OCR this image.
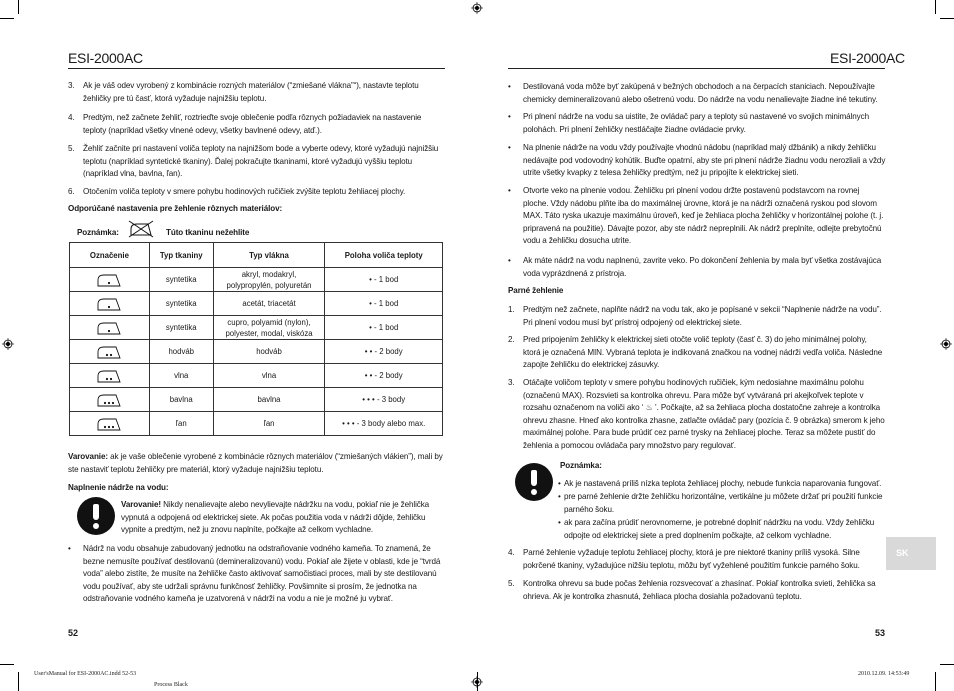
ESI-2000AC
3. Ak je váš odev vyrobený z kombinácie rozných materiálov (“zmiešané vlákna”“), nastavte teplotu žehličky pre tú časť, ktorá vyžaduje najnižšiu teplotu.
4. Predtým, než začnete žehliť, roztrieďte svoje oblečenie podľa rôznych požiadaviek na nastavenie teploty (napríklad všetky vlnené odevy, všetky bavlnené odevy, atď.).
5. Žehliť začnite pri nastavení voliča teploty na najnižšom bode a vyberte odevy, ktoré vyžadujú najnižšiu teplotu (napríklad syntetické tkaniny). Ďalej pokračujte tkaninami, ktoré vyžadujú vyššiu teplotu (napríklad vlna, bavlna, ľan).
6. Otočením voliča teploty v smere pohybu hodinových ručičiek zvýšite teplotu žehliacej plochy.
Odporúčané nastavenia pre žehlenie rôznych materiálov:
Poznámka:	Túto tkaninu nežehlite
Označenie	Typ tkaniny	Typ vlákna	Poloha voliča teploty
	syntetika	akryl, modakryl, polypropylén, polyuretán	• - 1 bod
	syntetika	acetát, triacetát	• - 1 bod
	syntetika	cupro, polyamid (nylon), polyester, modal, viskóza	• - 1 bod
	hodváb	hodváb	• • - 2 body
	vlna	vlna	• • - 2 body
	bavlna	bavlna	• • • - 3 body
	ľan	ľan	• • • - 3 body alebo max.
Varovanie: ak je vaše oblečenie vyrobené z kombinácie rôznych materiálov (“zmiešaných vlákien”), mali by ste nastaviť teplotu žehličky pre materiál, ktorý vyžaduje najnižšiu teplotu.
Naplnenie nádržе na vodu:
Varovanie! Nikdy nenalievajte alebo nevylievajte nádržku na vodu, pokiaľ nie je žehlička vypnutá a odpojená od elektrickej siete. Ak počas použitia voda v nádrži dôjde, žehličku vypnite a predtým, než ju znovu naplníte, počkajte až celkom vychladne.
• Nádrž na vodu obsahuje zabudovaný jednotku na odstraňovanie vodného kameňa. To znamená, že bezne nemusíte používať destilovanú (demineralizovanú) vodu. Pokiaľ ale žijete v oblasti, kde je “tvrdá voda” alebo zistíte, že musíte na žehličke často aktivovať samočistiaci proces, mali by ste destilovanú vodu používať, aby ste udržali správnu funkčnosť žehličky. Povšimnite si prosím, že jednotka na odstraňovanie vodného kameňa je uzatvorená v nádrži na vodu a nie je možné ju vybrať.
52
ESI-2000AC
• Destilovaná voda môže byť zakúpená v bežných obchodoch a na čerpacích staniciach. Nepoužívajte chemicky demineralizovanú alebo ošetrenú vodu. Do nádrže na vodu nenalievajte žiadne iné tekutiny.
• Pri plnení nádrže na vodu sa uistite, že ovládač pary a teploty sú nastavené vo svojich minimálnych polohách. Pri plnení žehličky nestláčajte žiadne ovládacie prvky.
• Na plnenie nádrže na vodu vždy používajte vhodnú nádobu (napríklad malý džbánik) a nikdy žehličku nedávajte pod vodovodný kohútik. Buďte opatrní, aby ste pri plnení nádrže žiadnu vodu nerozliali a vždy utrite všetky kvapky z telesa žehličky predtým, než ju pripojíte k elektrickej sieti.
• Otvorte veko na plnenie vodou. Žehličku pri plnení vodou držte postavenú podstavcom na rovnej ploche. Vždy nádobu plňte iba do maximálnej úrovne, ktorá je na nádrži označená ryskou pod slovom MAX. Táto ryska ukazuje maximálnu úroveň, keď je žehliaca plocha žehličky v horizontálnej polohe (t. j. pripravená na použitie). Dávajte pozor, aby ste nádrž nepreplnili. Ak nádrž preplníte, odlejte prebytočnú vodu a žehličku dosucha utrite.
• Ak máte nádrž na vodu naplnenú, zavrite veko. Po dokončení žehlenia by mala byť všetka zostávajúca voda vyprázdnená z prístroja.
Parné žehlenie
1. Predtým než začnete, naplňte nádrž na vodu tak, ako je popísané v sekcii “Naplnenie nádrže na vodu”. Pri plnení vodou musí byť prístroj odpojený od elektrickej siete.
2. Pred pripojením žehličky k elektrickej sieti otočte volič teploty (časť č. 3) do jeho minimálnej polohy, ktorá je označená MIN. Vybraná teplota je indikovaná značkou na vodnej nádrži vedľa voliča. Následne zapojte žehličku do elektrickej zásuvky.
3. Otáčajte voličom teploty v smere pohybu hodinových ručičiek, kým nedosiahne maximálnu polohu (označenú MAX). Rozsvieti sa kontrolka ohrevu. Para môže byť vytváraná pri akejkoľvek teplote v rozsahu označenom na voliči ako ‘ ♨ ’. Počkajte, až sa žehliaca plocha dostatočne zahreje a kontrolka ohrevu zhasne. Hneď ako kontrolka zhasne, zatlačte ovládač pary (pozícia č. 9 obrázka) smerom k jeho maximálnej polohe. Para bude prúdiť cez parné trysky na žehliacej ploche. Teraz sa môžete pustiť do žehlenia a pomocou ovládača pary množstvo pary regulovať.
Poznámka:
• Ak je nastavená príliš nízka teplota žehliacej plochy, nebude funkcia naparovania fungovať.
• pre parné žehlenie držte žehličku horizontálne, vertikálne ju môžete držať pri použití funkcie parného šoku.
• ak para začína prúdiť nerovnomerne, je potrebné doplniť nádržku na vodu. Vždy žehličku odpojte od elektrickej siete a pred doplnením počkajte, až celkom vychladne.
4. Parné žehlenie vyžaduje teplotu žehliacej plochy, ktorá je pre niektoré tkaniny príliš vysoká. Silne pokrčené tkaniny, vyžadujúce nižšiu teplotu, môžu byť vyžehlené použitím funkcie parného šoku.
5. Kontrolka ohrevu sa bude počas žehlenia rozsvecovať a zhasínať. Pokiaľ kontrolka svieti, žehlička sa ohrieva. Ak je kontrolka zhasnutá, žehliaca plocha dosiahla požadovanú teplotu.
SK
53
User'sManual for ESI-2000AC.indd 52-53
Process Black
2010.12.09. 14:53:49
